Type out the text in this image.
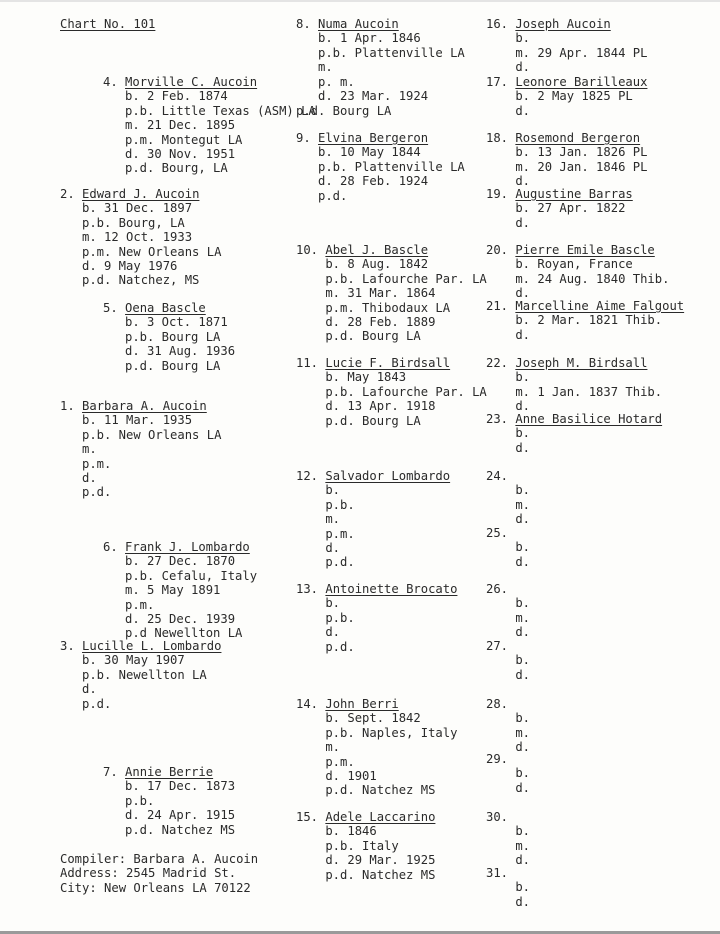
Chart No. 101
1. Barbara A. Aucoin
b. 11 Mar. 1935
p.b. New Orleans LA
m.
p.m.
d.
p.d.
2. Edward J. Aucoin
b. 31 Dec. 1897
p.b. Bourg, LA
m. 12 Oct. 1933
p.m. New Orleans LA
d. 9 May 1976
p.d. Natchez, MS
3. Lucille L. Lombardo
b. 30 May 1907
p.b. Newellton LA
d.
p.d.
4. Morville C. Aucoin
b. 2 Feb. 1874
p.b. Little Texas (ASM) LA
m. 21 Dec. 1895
p.m. Montegut LA
d. 30 Nov. 1951
p.d. Bourg, LA
5. Oena Bascle
b. 3 Oct. 1871
p.b. Bourg LA
d. 31 Aug. 1936
p.d. Bourg LA
6. Frank J. Lombardo
b. 27 Dec. 1870
p.b. Cefalu, Italy
m. 5 May 1891
p.m.
d. 25 Dec. 1939
p.d Newellton LA
7. Annie Berrie
b. 17 Dec. 1873
p.b.
d. 24 Apr. 1915
p.d. Natchez MS
8. Numa Aucoin
b. 1 Apr. 1846
p.b. Plattenville LA
m.
p. m.
d. 23 Mar. 1924
p.d. Bourg LA
9. Elvina Bergeron
b. 10 May 1844
p.b. Plattenville LA
d. 28 Feb. 1924
p.d.
10. Abel J. Bascle
b. 8 Aug. 1842
p.b. Lafourche Par. LA
m. 31 Mar. 1864
p.m. Thibodaux LA
d. 28 Feb. 1889
p.d. Bourg LA
11. Lucie F. Birdsall
b. May 1843
p.b. Lafourche Par. LA
d. 13 Apr. 1918
p.d. Bourg LA
12. Salvador Lombardo
b.
p.b.
m.
p.m.
d.
p.d.
13. Antoinette Brocato
b.
p.b.
d.
p.d.
14. John Berri
b. Sept. 1842
p.b. Naples, Italy
m.
p.m.
d. 1901
p.d. Natchez MS
15. Adele Laccarino
b. 1846
p.b. Italy
d. 29 Mar. 1925
p.d. Natchez MS
16. Joseph Aucoin
b.
m. 29 Apr. 1844 PL
d.
17. Leonore Barilleaux
b. 2 May 1825 PL
d.
18. Rosemond Bergeron
b. 13 Jan. 1826 PL
m. 20 Jan. 1846 PL
d.
19. Augustine Barras
b. 27 Apr. 1822
d.
20. Pierre Emile Bascle
b. Royan, France
m. 24 Aug. 1840 Thib.
d.
21. Marcelline Aime Falgout
b. 2 Mar. 1821 Thib.
d.
22. Joseph M. Birdsall
b.
m. 1 Jan. 1837 Thib.
d.
23. Anne Basilice Hotard
b.
d.
24.
b.
m.
d.
25.
b.
d.
26.
b.
m.
d.
27.
b.
d.
28.
b.
m.
d.
29.
b.
d.
30.
b.
m.
d.
31.
b.
d.
Compiler: Barbara A. Aucoin
Address: 2545 Madrid St.
City: New Orleans LA 70122
